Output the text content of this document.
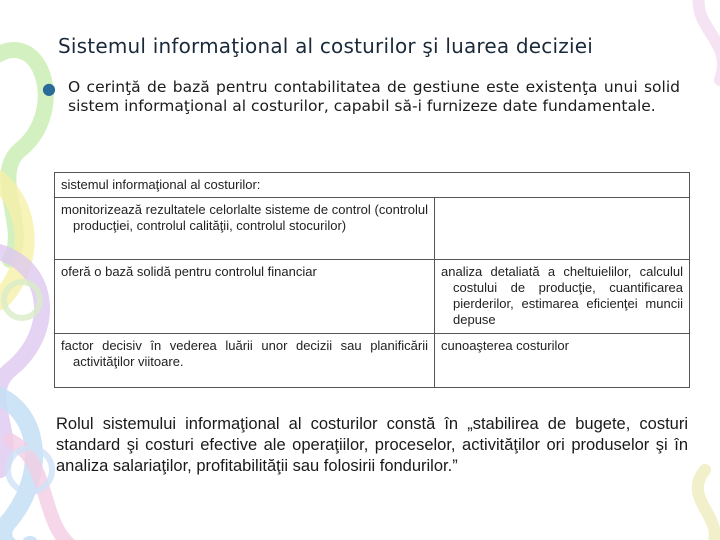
Sistemul informaţional al costurilor şi luarea deciziei
● O cerinţă de bază pentru contabilitatea de gestiune este existenţa unui solid sistem informaţional al costurilor, capabil să-i furnizeze date fundamentale.
sistemul informaţional al costurilor:	
monitorizează rezultatele celorlalte sisteme de control (controlul producţiei, controlul calităţii, controlul stocurilor)	
oferă o bază solidă pentru controlul financiar	analiza detaliată a cheltuielilor, calculul costului de producţie, cuantificarea pierderilor, estimarea eficienţei muncii depuse
factor decisiv în vederea luării unor decizii sau planificării activităţilor viitoare.	cunoaşterea costurilor
Rolul sistemului informaţional al costurilor constă în „stabilirea de bugete, costuri standard şi costuri efective ale operaţiilor, proceselor, activităţilor ori produselor şi în analiza salariaţilor, profitabilităţii sau folosirii fondurilor.”
